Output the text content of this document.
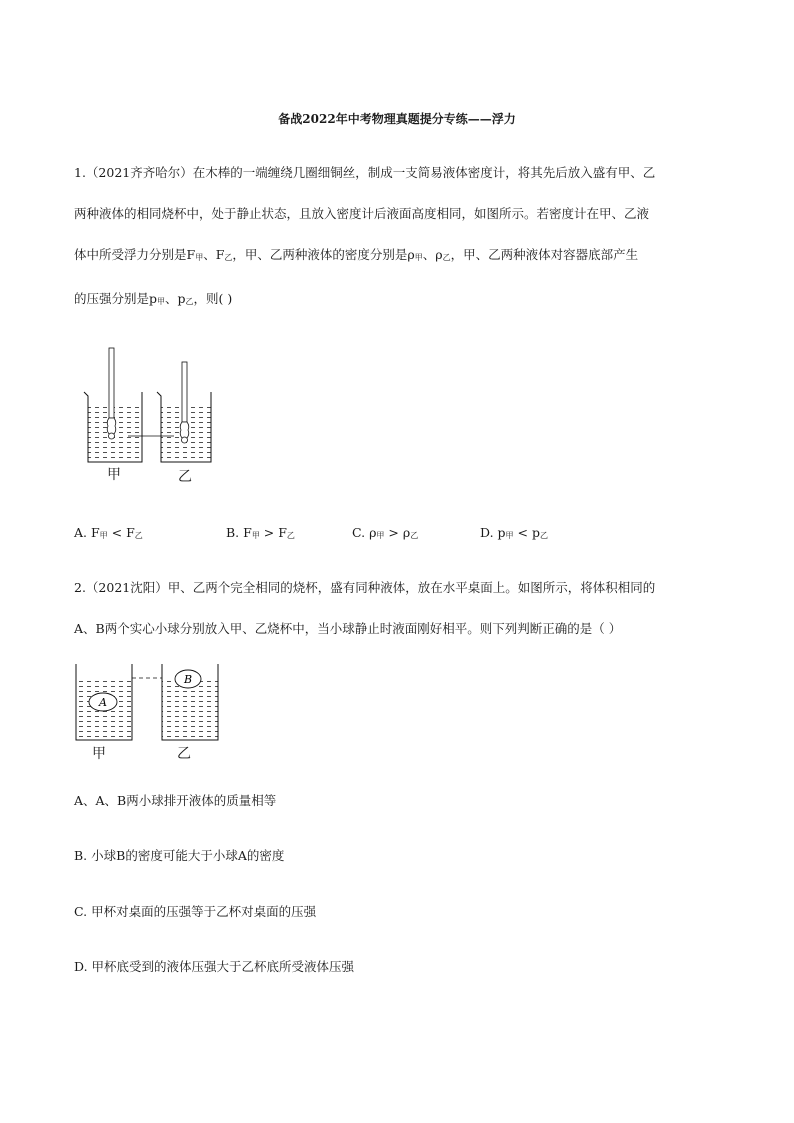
备战2022年中考物理真题提分专练——浮力
1.（2021齐齐哈尔）在木棒的一端缠绕几圈细铜丝，制成一支简易液体密度计，将其先后放入盛有甲、乙
两种液体的相同烧杯中，处于静止状态，且放入密度计后液面高度相同，如图所示。若密度计在甲、乙液
体中所受浮力分别是$F_甲$、$F_乙$，甲、乙两种液体的密度分别是$\rho_甲$、$\rho_乙$，甲、乙两种液体对容器底部产生
的压强分别是$p_甲$、$p_乙$，则( )
甲	乙
A. $F_甲 < F_乙$	B. $F_甲 > F_乙$	C. $\rho_甲 > \rho_乙$	D. $p_甲 < p_乙$
2.（2021沈阳）甲、乙两个完全相同的烧杯，盛有同种液体，放在水平桌面上。如图所示，将体积相同的
A、B两个实心小球分别放入甲、乙烧杯中，当小球静止时液面刚好相平。则下列判断正确的是（ ）
A
B
甲	乙
A、A、B两小球排开液体的质量相等
B. 小球B的密度可能大于小球A的密度
C. 甲杯对桌面的压强等于乙杯对桌面的压强
D. 甲杯底受到的液体压强大于乙杯底所受液体压强
